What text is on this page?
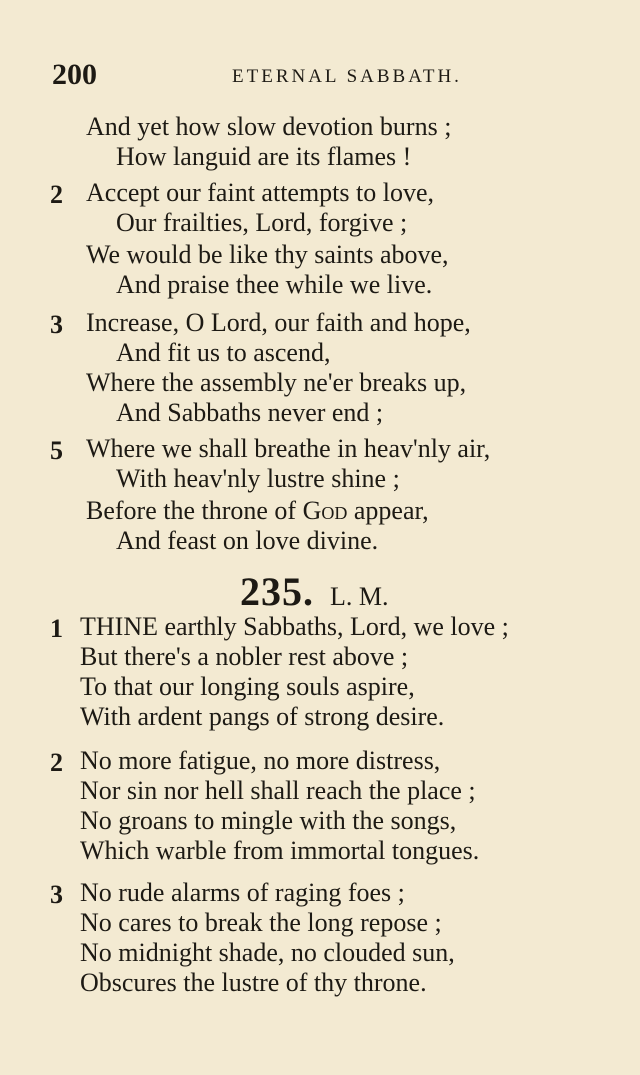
200	ETERNAL SABBATH.
And yet how slow devotion burns ;
How languid are its flames !
2 Accept our faint attempts to love,
Our frailties, Lord, forgive ;
We would be like thy saints above,
And praise thee while we live.
3 Increase, O Lord, our faith and hope,
And fit us to ascend,
Where the assembly ne'er breaks up,
And Sabbaths never end ;
5 Where we shall breathe in heav'nly air,
With heav'nly lustre shine ;
Before the throne of God appear,
And feast on love divine.
235. L. M.
1 THINE earthly Sabbaths, Lord, we love ;
But there's a nobler rest above ;
To that our longing souls aspire,
With ardent pangs of strong desire.
2 No more fatigue, no more distress,
Nor sin nor hell shall reach the place ;
No groans to mingle with the songs,
Which warble from immortal tongues.
3 No rude alarms of raging foes ;
No cares to break the long repose ;
No midnight shade, no clouded sun,
Obscures the lustre of thy throne.
